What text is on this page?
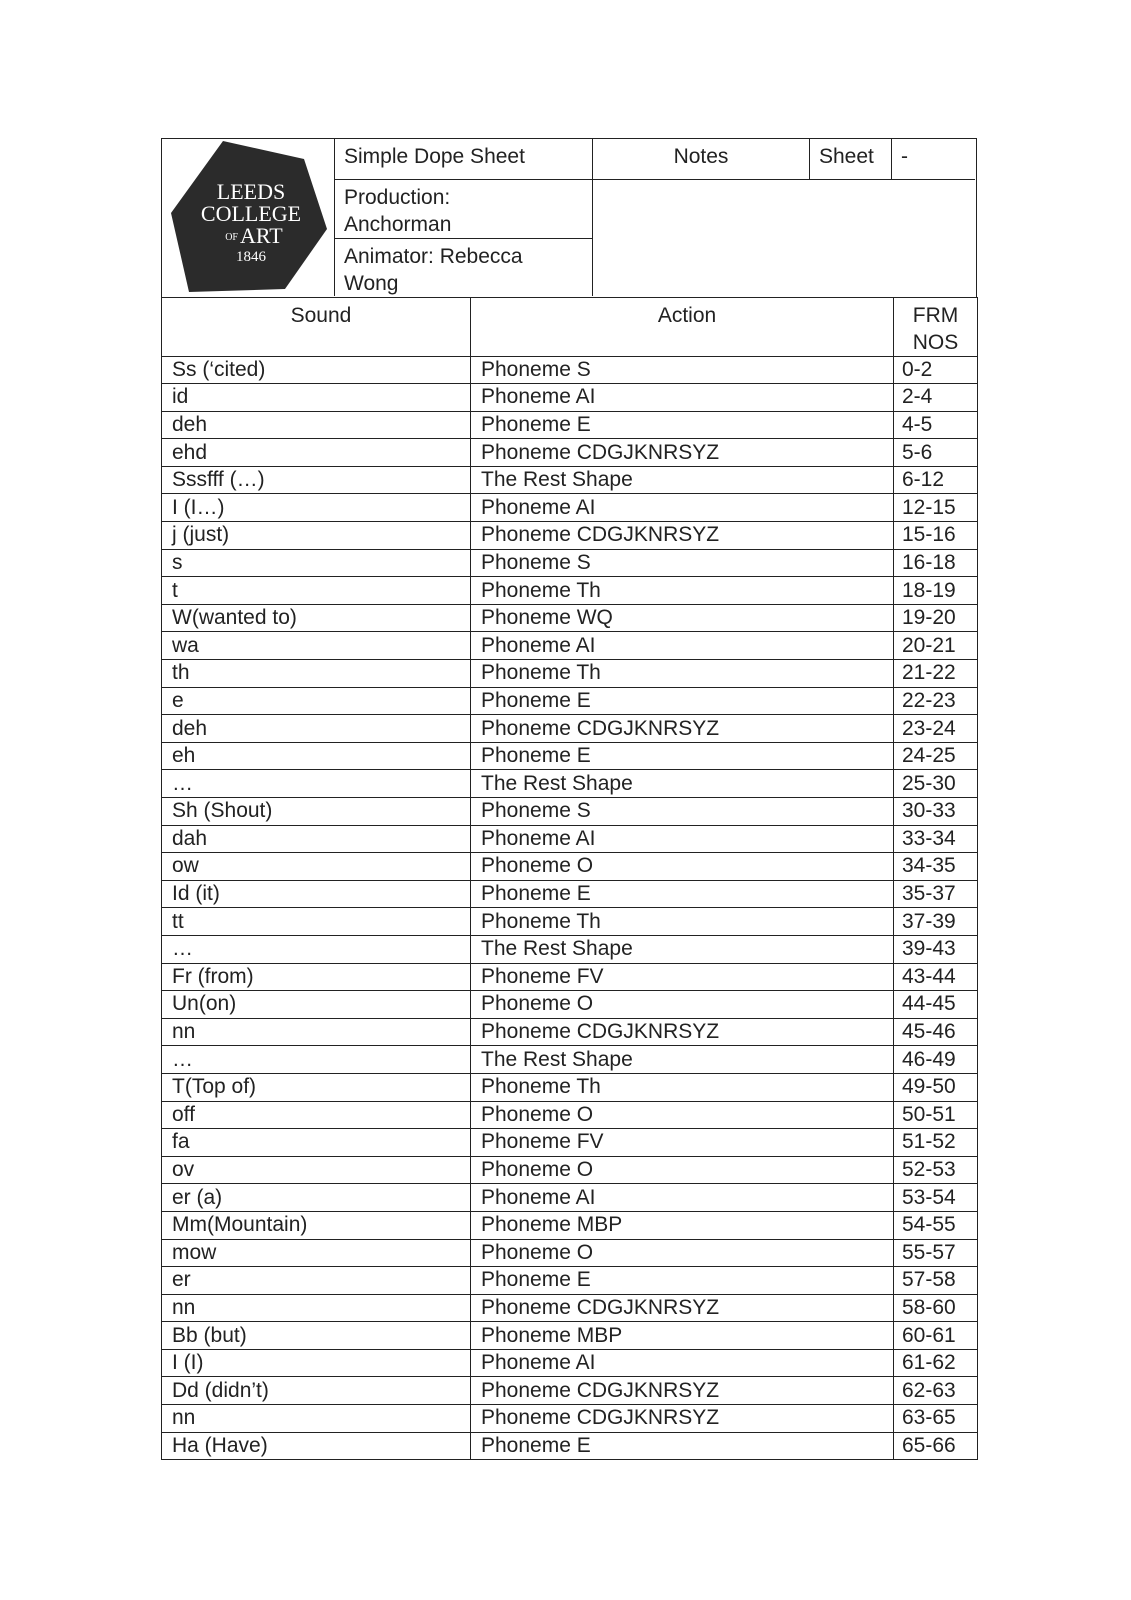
LEEDS
COLLEGE
OF ART
1846
Simple Dope Sheet	Notes	Sheet	-
Production:
Anchorman
Animator: Rebecca
Wong
Sound	Action	FRM
NOS

Ss (‘cited)	Phoneme S	0-2
id	Phoneme AI	2-4
deh	Phoneme E	4-5
ehd	Phoneme CDGJKNRSYZ	5-6
Sssfff (…)	The Rest Shape	6-12
I (I…)	Phoneme AI	12-15
j (just)	Phoneme CDGJKNRSYZ	15-16
s	Phoneme S	16-18
t	Phoneme Th	18-19
W(wanted to)	Phoneme WQ	19-20
wa	Phoneme AI	20-21
th	Phoneme Th	21-22
e	Phoneme E	22-23
deh	Phoneme CDGJKNRSYZ	23-24
eh	Phoneme E	24-25
…	The Rest Shape	25-30
Sh (Shout)	Phoneme S	30-33
dah	Phoneme AI	33-34
ow	Phoneme O	34-35
Id (it)	Phoneme E	35-37
tt	Phoneme Th	37-39
…	The Rest Shape	39-43
Fr (from)	Phoneme FV	43-44
Un(on)	Phoneme O	44-45
nn	Phoneme CDGJKNRSYZ	45-46
…	The Rest Shape	46-49
T(Top of)	Phoneme Th	49-50
off	Phoneme O	50-51
fa	Phoneme FV	51-52
ov	Phoneme O	52-53
er (a)	Phoneme AI	53-54
Mm(Mountain)	Phoneme MBP	54-55
mow	Phoneme O	55-57
er	Phoneme E	57-58
nn	Phoneme CDGJKNRSYZ	58-60
Bb (but)	Phoneme MBP	60-61
I (I)	Phoneme AI	61-62
Dd (didn’t)	Phoneme CDGJKNRSYZ	62-63
nn	Phoneme CDGJKNRSYZ	63-65
Ha (Have)	Phoneme E	65-66
